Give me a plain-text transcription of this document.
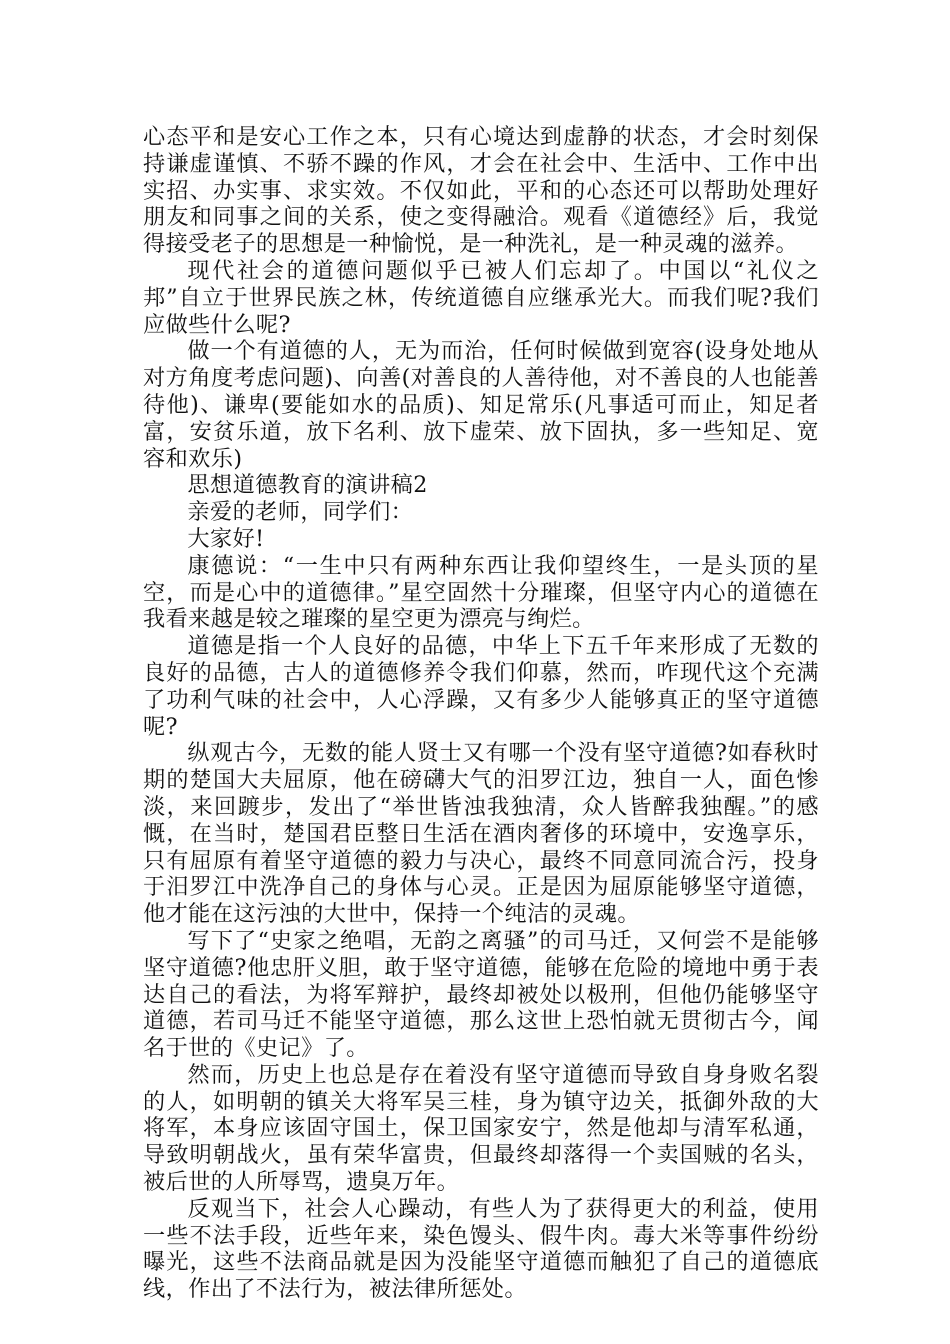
心态平和是安心工作之本，只有心境达到虚静的状态，才会时刻保持谦虚谨慎、不骄不躁的作风，才会在社会中、生活中、工作中出实招、办实事、求实效。不仅如此，平和的心态还可以帮助处理好朋友和同事之间的关系，使之变得融洽。观看《道德经》后，我觉得接受老子的思想是一种愉悦，是一种洗礼，是一种灵魂的滋养。

现代社会的道德问题似乎已被人们忘却了。中国以“礼仪之邦”自立于世界民族之林，传统道德自应继承光大。而我们呢?我们应做些什么呢?

做一个有道德的人，无为而治，任何时候做到宽容(设身处地从对方角度考虑问题)、向善(对善良的人善待他，对不善良的人也能善待他)、谦卑(要能如水的品质)、知足常乐(凡事适可而止，知足者富，安贫乐道，放下名利、放下虚荣、放下固执，多一些知足、宽容和欢乐)

思想道德教育的演讲稿2

亲爱的老师，同学们：

大家好!

康德说：“一生中只有两种东西让我仰望终生，一是头顶的星空，而是心中的道德律。”星空固然十分璀璨，但坚守内心的道德在我看来越是较之璀璨的星空更为漂亮与绚烂。

道德是指一个人良好的品德，中华上下五千年来形成了无数的良好的品德，古人的道德修养令我们仰慕，然而，咋现代这个充满了功利气味的社会中，人心浮躁，又有多少人能够真正的坚守道德呢?

纵观古今，无数的能人贤士又有哪一个没有坚守道德?如春秋时期的楚国大夫屈原，他在磅礴大气的汨罗江边，独自一人，面色惨淡，来回踱步，发出了“举世皆浊我独清，众人皆醉我独醒。”的感慨，在当时，楚国君臣整日生活在酒肉奢侈的环境中，安逸享乐，只有屈原有着坚守道德的毅力与决心，最终不同意同流合污，投身于汨罗江中洗净自己的身体与心灵。正是因为屈原能够坚守道德，他才能在这污浊的大世中，保持一个纯洁的灵魂。

写下了“史家之绝唱，无韵之离骚”的司马迁，又何尝不是能够坚守道德?他忠肝义胆，敢于坚守道德，能够在危险的境地中勇于表达自己的看法，为将军辩护，最终却被处以极刑，但他仍能够坚守道德，若司马迁不能坚守道德，那么这世上恐怕就无贯彻古今，闻名于世的《史记》了。

然而，历史上也总是存在着没有坚守道德而导致自身身败名裂的人，如明朝的镇关大将军吴三桂，身为镇守边关，抵御外敌的大将军，本身应该固守国土，保卫国家安宁，然是他却与清军私通，导致明朝战火，虽有荣华富贵，但最终却落得一个卖国贼的名头，被后世的人所辱骂，遗臭万年。

反观当下，社会人心躁动，有些人为了获得更大的利益，使用一些不法手段，近些年来，染色馒头、假牛肉。毒大米等事件纷纷曝光，这些不法商品就是因为没能坚守道德而触犯了自己的道德底线，作出了不法行为，被法律所惩处。
